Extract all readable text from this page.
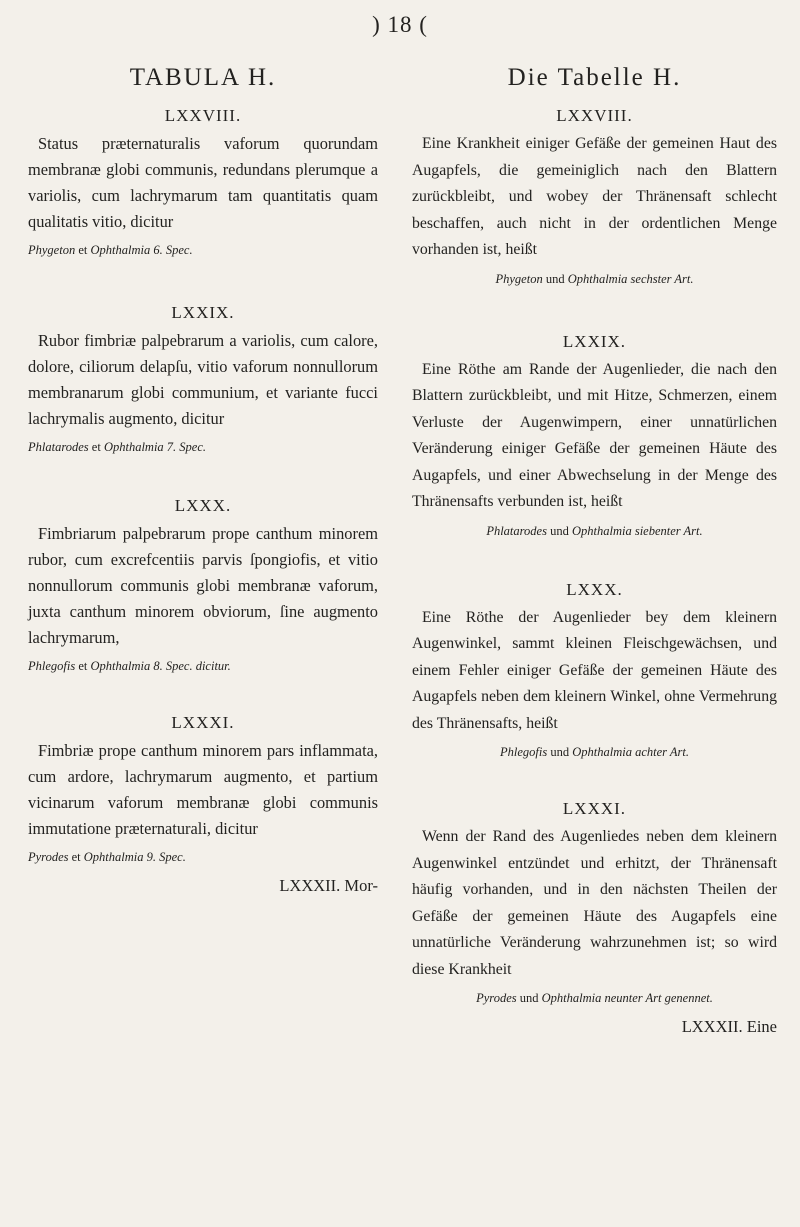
) 18 (
TABULA H.
LXXVIII.

Status præternaturalis vaforum quorundam membranæ globi communis, redundans plerumque a variolis, cum lachrymarum tam quantitatis quam qualitatis vitio, dicitur

Phygeton et Ophthalmia 6. Spec.
LXXIX.

Rubor fimbriæ palpebrarum a variolis, cum calore, dolore, ciliorum delapſu, vitio vaforum nonnullorum membranarum globi communium, et variante fucci lachrymalis augmento, dicitur

Phlatarodes et Ophthalmia 7. Spec.
LXXX.

Fimbriarum palpebrarum prope canthum minorem rubor, cum excrefcentiis parvis ſpongiofis, et vitio nonnullorum communis globi membranæ vaforum, juxta canthum minorem obviorum, ſine augmento lachrymarum,

Phlegofis et Ophthalmia 8. Spec. dicitur.
LXXXI.

Fimbriæ prope canthum minorem pars inflammata, cum ardore, lachrymarum augmento, et partium vicinarum vaforum membranæ globi communis immutatione præternaturali, dicitur

Pyrodes et Ophthalmia 9. Spec.
LXXXII. Mor-
Die Tabelle H.
LXXVIII.

Eine Krankheit einiger Gefäße der gemeinen Haut des Augapfels, die gemeiniglich nach den Blattern zurückbleibt, und wobey der Thränensaft schlecht beschaffen, auch nicht in der ordentlichen Menge vorhanden ist, heißt

Phygeton und Ophthalmia sechster Art.
LXXIX.

Eine Röthe am Rande der Augenlieder, die nach den Blattern zurückbleibt, und mit Hitze, Schmerzen, einem Verluste der Augenwimpern, einer unnatürlichen Veränderung einiger Gefäße der gemeinen Häute des Augapfels, und einer Abwechselung in der Menge des Thränensafts verbunden ist, heißt

Phlatarodes und Ophthalmia siebenter Art.
LXXX.

Eine Röthe der Augenlieder bey dem kleinern Augenwinkel, sammt kleinen Fleischgewächsen, und einem Fehler einiger Gefäße der gemeinen Häute des Augapfels neben dem kleinern Winkel, ohne Vermehrung des Thränensafts, heißt

Phlegofis und Ophthalmia achter Art.
LXXXI.

Wenn der Rand des Augenliedes neben dem kleinern Augenwinkel entzündet und erhitzt, der Thränensaft häufig vorhanden, und in den nächsten Theilen der Gefäße der gemeinen Häute des Augapfels eine unnatürliche Veränderung wahrzunehmen ist; so wird diese Krankheit

Pyrodes und Ophthalmia neunter Art genennet.
LXXXII. Eine
